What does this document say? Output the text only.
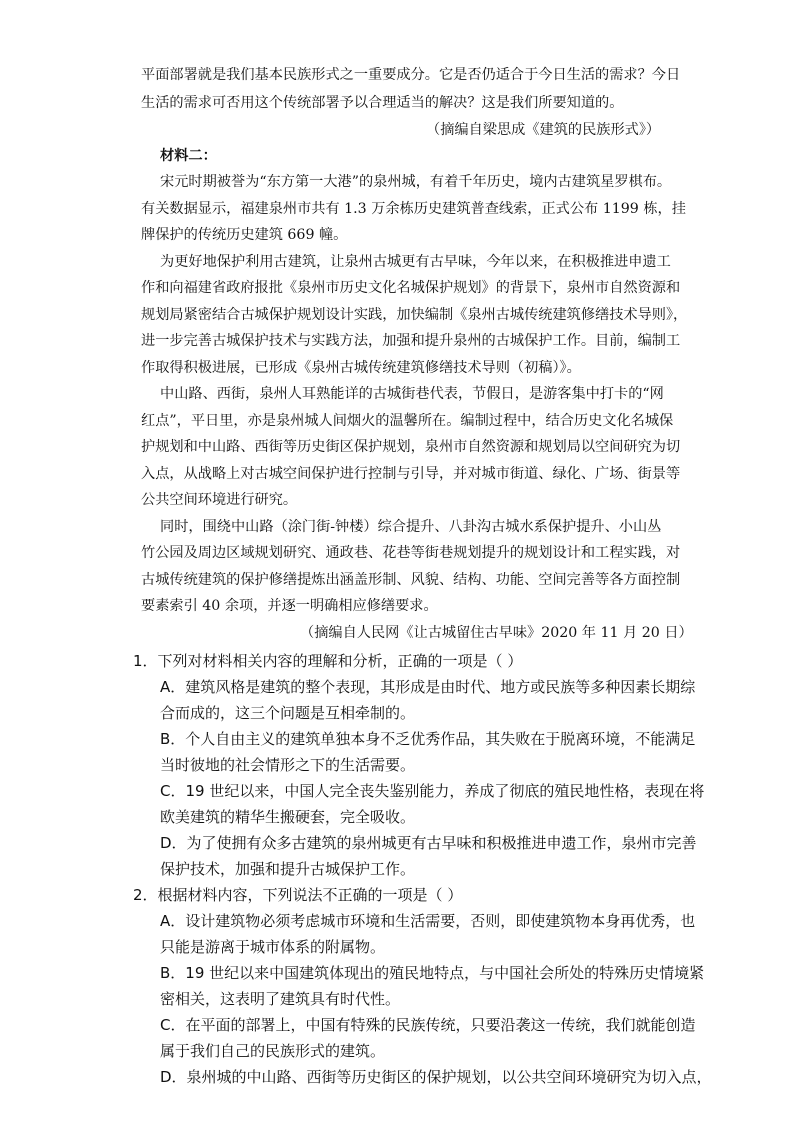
平面部署就是我们基本民族形式之一重要成分。它是否仍适合于今日生活的需求？今日

生活的需求可否用这个传统部署予以合理适当的解决？这是我们所要知道的。

（摘编自梁思成《建筑的民族形式》）

材料二：

宋元时期被誉为“东方第一大港”的泉州城，有着千年历史，境内古建筑星罗棋布。

有关数据显示，福建泉州市共有 1.3 万余栋历史建筑普查线索，正式公布 1199 栋，挂

牌保护的传统历史建筑 669 幢。

为更好地保护利用古建筑，让泉州古城更有古早味，今年以来，在积极推进申遗工

作和向福建省政府报批《泉州市历史文化名城保护规划》的背景下，泉州市自然资源和

规划局紧密结合古城保护规划设计实践，加快编制《泉州古城传统建筑修缮技术导则》，

进一步完善古城保护技术与实践方法，加强和提升泉州的古城保护工作。目前，编制工

作取得积极进展，已形成《泉州古城传统建筑修缮技术导则（初稿）》。

中山路、西街，泉州人耳熟能详的古城街巷代表，节假日，是游客集中打卡的“网

红点”，平日里，亦是泉州城人间烟火的温馨所在。编制过程中，结合历史文化名城保

护规划和中山路、西街等历史街区保护规划，泉州市自然资源和规划局以空间研究为切

入点，从战略上对古城空间保护进行控制与引导，并对城市街道、绿化、广场、街景等

公共空间环境进行研究。

同时，围绕中山路（涂门街-钟楼）综合提升、八卦沟古城水系保护提升、小山丛

竹公园及周边区域规划研究、通政巷、花巷等街巷规划提升的规划设计和工程实践，对

古城传统建筑的保护修缮提炼出涵盖形制、风貌、结构、功能、空间完善等各方面控制

要素索引 40 余项，并逐一明确相应修缮要求。

（摘编自人民网《让古城留住古早味》2020 年 11 月 20 日）

1．下列对材料相关内容的理解和分析，正确的一项是（ ）

A．建筑风格是建筑的整个表现，其形成是由时代、地方或民族等多种因素长期综

合而成的，这三个问题是互相牵制的。

B．个人自由主义的建筑单独本身不乏优秀作品，其失败在于脱离环境，不能满足

当时彼地的社会情形之下的生活需要。

C．19 世纪以来，中国人完全丧失鉴别能力，养成了彻底的殖民地性格，表现在将

欧美建筑的精华生搬硬套，完全吸收。

D．为了使拥有众多古建筑的泉州城更有古早味和积极推进申遗工作，泉州市完善

保护技术，加强和提升古城保护工作。

2．根据材料内容，下列说法不正确的一项是（ ）

A．设计建筑物必须考虑城市环境和生活需要，否则，即使建筑物本身再优秀，也

只能是游离于城市体系的附属物。

B．19 世纪以来中国建筑体现出的殖民地特点，与中国社会所处的特殊历史情境紧

密相关，这表明了建筑具有时代性。

C．在平面的部署上，中国有特殊的民族传统，只要沿袭这一传统，我们就能创造

属于我们自己的民族形式的建筑。

D．泉州城的中山路、西街等历史街区的保护规划，以公共空间环境研究为切入点，
